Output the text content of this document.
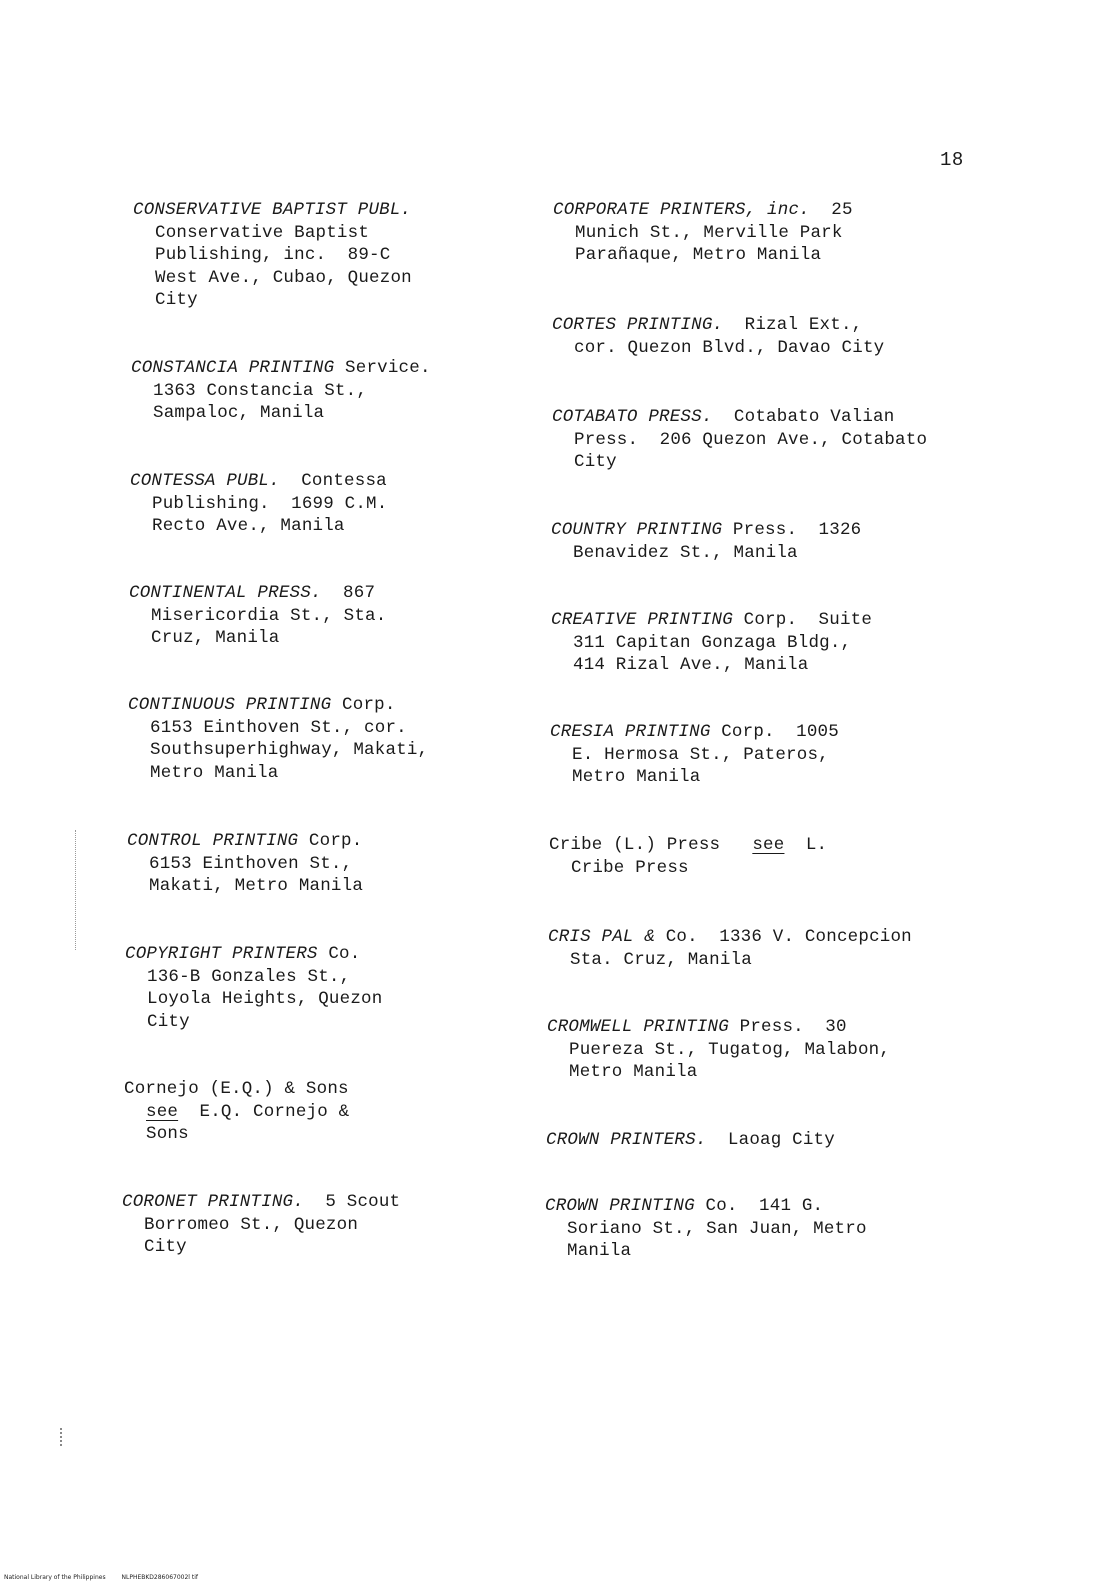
18
CONSERVATIVE BAPTIST PUBL.
Conservative Baptist
Publishing, inc.  89-C
West Ave., Cubao, Quezon
City
CONSTANCIA PRINTING Service.
1363 Constancia St.,
Sampaloc, Manila
CONTESSA PUBL.  Contessa
Publishing.  1699 C.M.
Recto Ave., Manila
CONTINENTAL PRESS.  867
Misericordia St., Sta.
Cruz, Manila
CONTINUOUS PRINTING Corp.
6153 Einthoven St., cor.
Southsuperhighway, Makati,
Metro Manila
CONTROL PRINTING Corp.
6153 Einthoven St.,
Makati, Metro Manila
COPYRIGHT PRINTERS Co.
136-B Gonzales St.,
Loyola Heights, Quezon
City
Cornejo (E.Q.) & Sons
see  E.Q. Cornejo &
Sons
CORONET PRINTING.  5 Scout
Borromeo St., Quezon
City
CORPORATE PRINTERS, inc.  25
Munich St., Merville Park
Parañaque, Metro Manila
CORTES PRINTING.  Rizal Ext.,
cor. Quezon Blvd., Davao City
COTABATO PRESS.  Cotabato Valian
Press.  206 Quezon Ave., Cotabato
City
COUNTRY PRINTING Press.  1326
Benavidez St., Manila
CREATIVE PRINTING Corp.  Suite
311 Capitan Gonzaga Bldg.,
414 Rizal Ave., Manila
CRESIA PRINTING Corp.  1005
E. Hermosa St., Pateros,
Metro Manila
Cribe (L.) Press   see  L.
Cribe Press
CRIS PAL & Co.  1336 V. Concepcion
Sta. Cruz, Manila
CROMWELL PRINTING Press.  30
Puereza St., Tugatog, Malabon,
Metro Manila
CROWN PRINTERS.  Laoag City
CROWN PRINTING Co.  141 G.
Soriano St., San Juan, Metro
Manila
National Library of the Philippines	NLPHEBKD286067002l tif
